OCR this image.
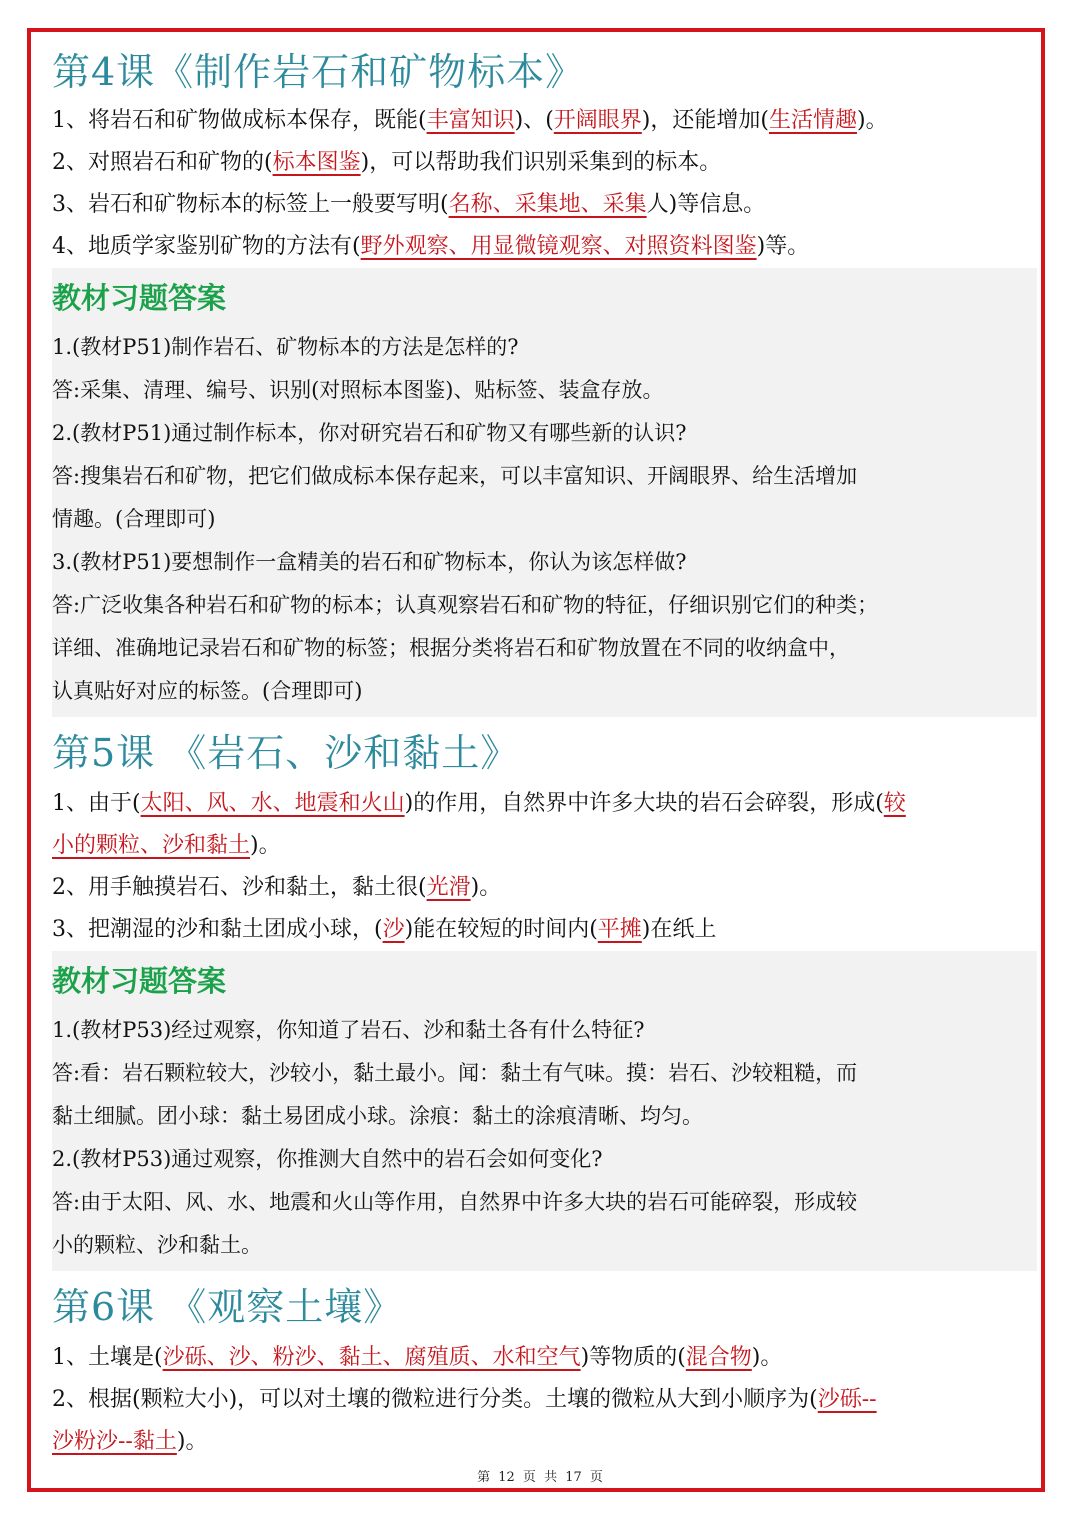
第4课《制作岩石和矿物标本》
1、将岩石和矿物做成标本保存，既能(丰富知识)、(开阔眼界)，还能增加(生活情趣)。
2、对照岩石和矿物的(标本图鉴)，可以帮助我们识别采集到的标本。
3、岩石和矿物标本的标签上一般要写明(名称、采集地、采集人)等信息。
4、地质学家鉴别矿物的方法有(野外观察、用显微镜观察、对照资料图鉴)等。
教材习题答案
1.(教材P51)制作岩石、矿物标本的方法是怎样的?
答:采集、清理、编号、识别(对照标本图鉴)、贴标签、装盒存放。
2.(教材P51)通过制作标本，你对研究岩石和矿物又有哪些新的认识?
答:搜集岩石和矿物，把它们做成标本保存起来，可以丰富知识、开阔眼界、给生活增加
情趣。(合理即可)
3.(教材P51)要想制作一盒精美的岩石和矿物标本，你认为该怎样做?
答:广泛收集各种岩石和矿物的标本；认真观察岩石和矿物的特征，仔细识别它们的种类；
详细、准确地记录岩石和矿物的标签；根据分类将岩石和矿物放置在不同的收纳盒中，
认真贴好对应的标签。(合理即可)
第5课 《岩石、沙和黏土》
1、由于(太阳、风、水、地震和火山)的作用，自然界中许多大块的岩石会碎裂，形成(较
小的颗粒、沙和黏土)。
2、用手触摸岩石、沙和黏土，黏土很(光滑)。
3、把潮湿的沙和黏土团成小球，(沙)能在较短的时间内(平摊)在纸上
教材习题答案
1.(教材P53)经过观察，你知道了岩石、沙和黏土各有什么特征?
答:看：岩石颗粒较大，沙较小，黏土最小。闻：黏土有气味。摸：岩石、沙较粗糙，而
黏土细腻。团小球：黏土易团成小球。涂痕：黏土的涂痕清晰、均匀。
2.(教材P53)通过观察，你推测大自然中的岩石会如何变化?
答:由于太阳、风、水、地震和火山等作用，自然界中许多大块的岩石可能碎裂，形成较
小的颗粒、沙和黏土。
第6课 《观察土壤》
1、土壤是(沙砾、沙、粉沙、黏土、腐殖质、水和空气)等物质的(混合物)。
2、根据(颗粒大小)，可以对土壤的微粒进行分类。土壤的微粒从大到小顺序为(沙砾--
沙粉沙--黏土)。
第 12 页 共 17 页
